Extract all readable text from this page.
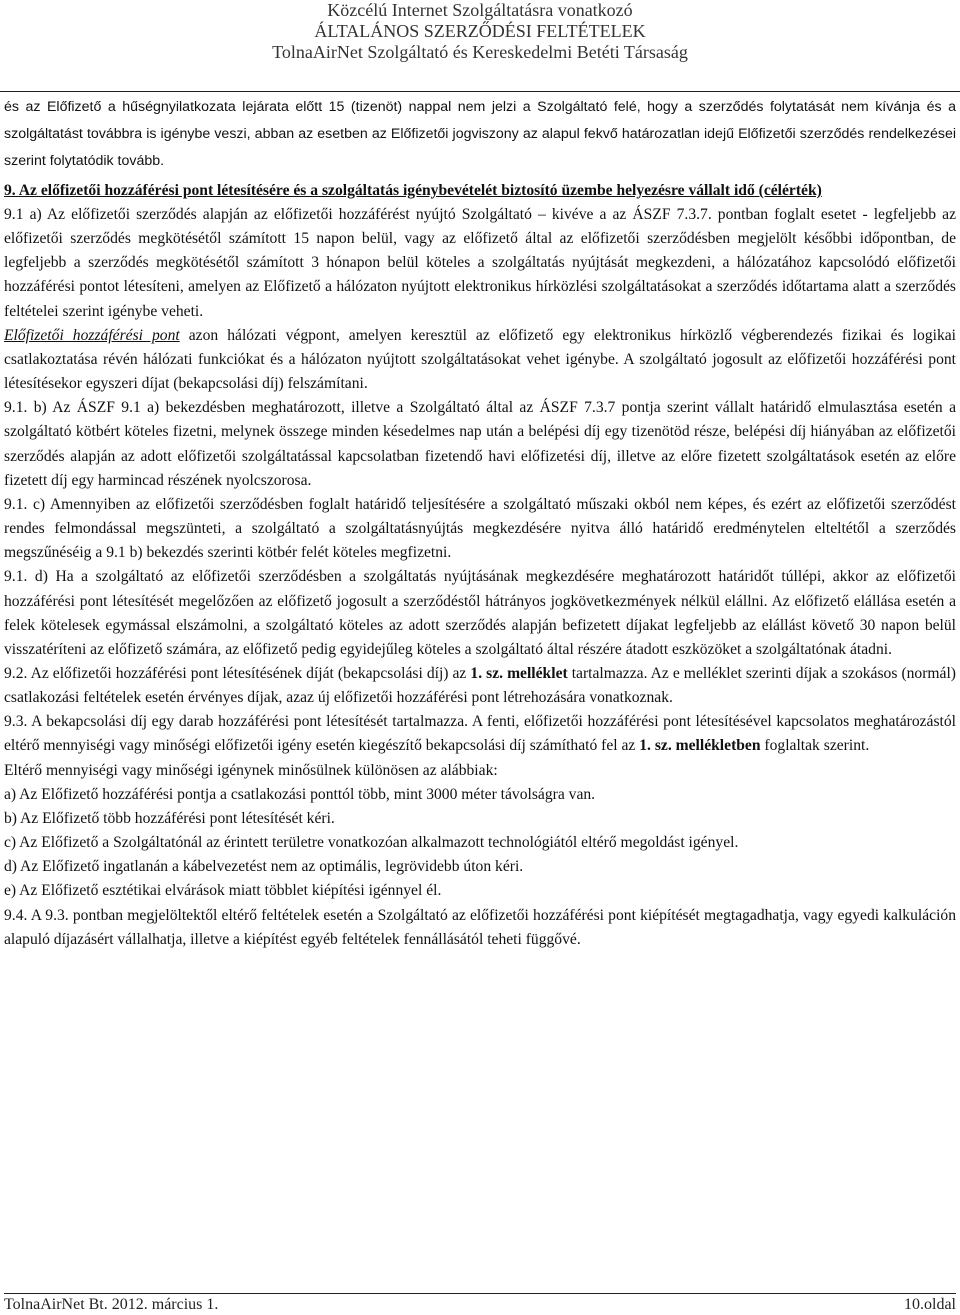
Közcélú Internet Szolgáltatásra vonatkozó
ÁLTALÁNOS SZERZŐDÉSI FELTÉTELEK
TolnaAirNet Szolgáltató és Kereskedelmi Betéti Társaság

és az Előfizető a hűségnyilatkozata lejárata előtt 15 (tizenöt) nappal nem jelzi a Szolgáltató felé, hogy a szerződés folytatását nem kívánja és a szolgáltatást továbbra is igénybe veszi, abban az esetben az Előfizetői jogviszony az alapul fekvő határozatlan idejű Előfizetői szerződés rendelkezései szerint folytatódik tovább.

9. Az előfizetői hozzáférési pont létesítésére és a szolgáltatás igénybevételét biztosító üzembe helyezésre vállalt idő (célérték)

9.1 a) Az előfizetői szerződés alapján az előfizetői hozzáférést nyújtó Szolgáltató – kivéve a az ÁSZF 7.3.7. pontban foglalt esetet - legfeljebb az előfizetői szerződés megkötésétől számított 15 napon belül, vagy az előfizető által az előfizetői szerződésben megjelölt későbbi időpontban, de legfeljebb a szerződés megkötésétől számított 3 hónapon belül köteles a szolgáltatás nyújtását megkezdeni, a hálózatához kapcsolódó előfizetői hozzáférési pontot létesíteni, amelyen az Előfizető a hálózaton nyújtott elektronikus hírközlési szolgáltatásokat a szerződés időtartama alatt a szerződés feltételei szerint igénybe veheti.

Előfizetői hozzáférési pont azon hálózati végpont, amelyen keresztül az előfizető egy elektronikus hírközlő végberendezés fizikai és logikai csatlakoztatása révén hálózati funkciókat és a hálózaton nyújtott szolgáltatásokat vehet igénybe. A szolgáltató jogosult az előfizetői hozzáférési pont létesítésekor egyszeri díjat (bekapcsolási díj) felszámítani.

9.1. b) Az ÁSZF 9.1 a) bekezdésben meghatározott, illetve a Szolgáltató által az ÁSZF 7.3.7 pontja szerint vállalt határidő elmulasztása esetén a szolgáltató kötbért köteles fizetni, melynek összege minden késedelmes nap után a belépési díj egy tizenötöd része, belépési díj hiányában az előfizetői szerződés alapján az adott előfizetői szolgáltatással kapcsolatban fizetendő havi előfizetési díj, illetve az előre fizetett szolgáltatások esetén az előre fizetett díj egy harmincad részének nyolcszorosa.

9.1. c) Amennyiben az előfizetői szerződésben foglalt határidő teljesítésére a szolgáltató műszaki okból nem képes, és ezért az előfizetői szerződést rendes felmondással megszünteti, a szolgáltató a szolgáltatásnyújtás megkezdésére nyitva álló határidő eredménytelen elteltétől a szerződés megszűnéséig a 9.1 b) bekezdés szerinti kötbér felét köteles megfizetni.

9.1. d) Ha a szolgáltató az előfizetői szerződésben a szolgáltatás nyújtásának megkezdésére meghatározott határidőt túllépi, akkor az előfizetői hozzáférési pont létesítését megelőzően az előfizető jogosult a szerződéstől hátrányos jogkövetkezmények nélkül elállni. Az előfizető elállása esetén a felek kötelesek egymással elszámolni, a szolgáltató köteles az adott szerződés alapján befizetett díjakat legfeljebb az elállást követő 30 napon belül visszatéríteni az előfizető számára, az előfizető pedig egyidejűleg köteles a szolgáltató által részére átadott eszközöket a szolgáltatónak átadni.

9.2. Az előfizetői hozzáférési pont létesítésének díját (bekapcsolási díj) az 1. sz. melléklet tartalmazza. Az e melléklet szerinti díjak a szokásos (normál) csatlakozási feltételek esetén érvényes díjak, azaz új előfizetői hozzáférési pont létrehozására vonatkoznak.

9.3. A bekapcsolási díj egy darab hozzáférési pont létesítését tartalmazza. A fenti, előfizetői hozzáférési pont létesítésével kapcsolatos meghatározástól eltérő mennyiségi vagy minőségi előfizetői igény esetén kiegészítő bekapcsolási díj számítható fel az 1. sz. mellékletben foglaltak szerint.

Eltérő mennyiségi vagy minőségi igénynek minősülnek különösen az alábbiak:

a) Az Előfizető hozzáférési pontja a csatlakozási ponttól több, mint 3000 méter távolságra van.

b) Az Előfizető több hozzáférési pont létesítését kéri.

c) Az Előfizető a Szolgáltatónál az érintett területre vonatkozóan alkalmazott technológiától eltérő megoldást igényel.

d) Az Előfizető ingatlanán a kábelvezetést nem az optimális, legrövidebb úton kéri.

e) Az Előfizető esztétikai elvárások miatt többlet kiépítési igénnyel él.

9.4. A 9.3. pontban megjelöltektől eltérő feltételek esetén a Szolgáltató az előfizetői hozzáférési pont kiépítését megtagadhatja, vagy egyedi kalkuláción alapuló díjazásért vállalhatja, illetve a kiépítést egyéb feltételek fennállásától teheti függővé.

TolnaAirNet Bt. 2012. március 1.	10.oldal
